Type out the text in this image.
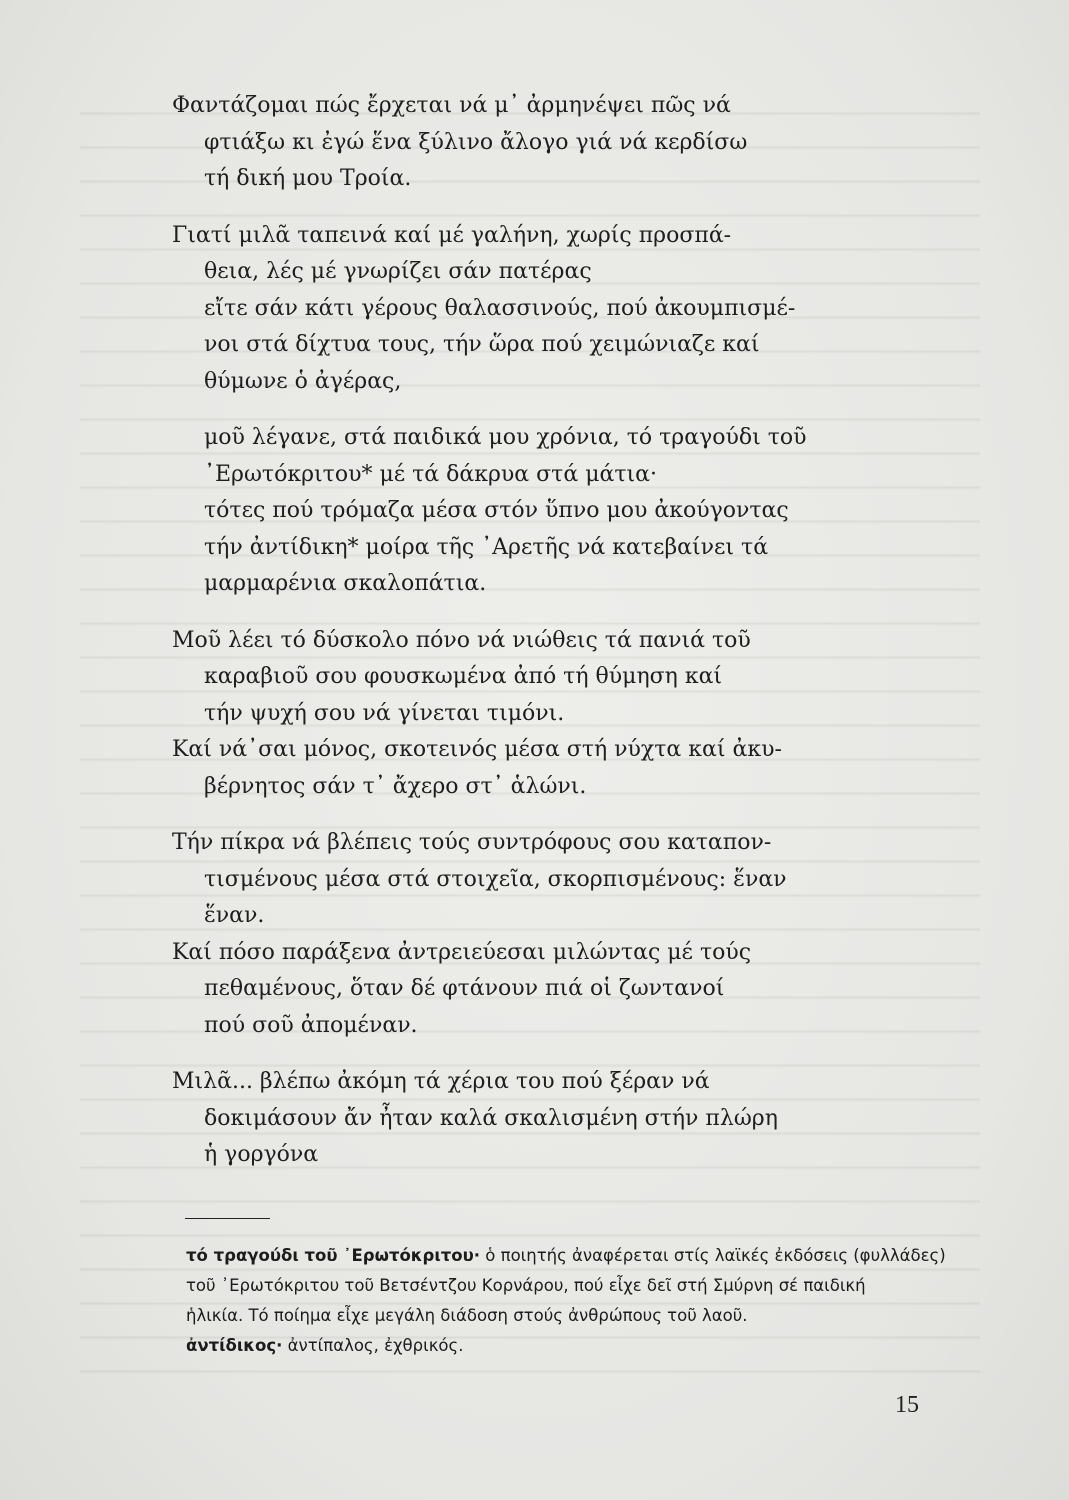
Φαντάζομαι πώς ἔρχεται νά μ᾽ ἀρμηνέψει πῶς νά
φτιάξω κι ἐγώ ἕνα ξύλινο ἄλογο γιά νά κερδίσω
τή δική μου Τροία.
Γιατί μιλᾶ ταπεινά καί μέ γαλήνη, χωρίς προσπά-
θεια, λές μέ γνωρίζει σάν πατέρας
εἴτε σάν κάτι γέρους θαλασσινούς, πού ἀκουμπισμέ-
νοι στά δίχτυα τους, τήν ὥρα πού χειμώνιαζε καί
θύμωνε ὁ ἀγέρας,
μοῦ λέγανε, στά παιδικά μου χρόνια, τό τραγούδι τοῦ
᾽Ερωτόκριτου* μέ τά δάκρυα στά μάτια·
τότες πού τρόμαζα μέσα στόν ὕπνο μου ἀκούγοντας
τήν ἀντίδικη* μοίρα τῆς ᾽Αρετῆς νά κατεβαίνει τά
μαρμαρένια σκαλοπάτια.
Μοῦ λέει τό δύσκολο πόνο νά νιώθεις τά πανιά τοῦ
καραβιοῦ σου φουσκωμένα ἀπό τή θύμηση καί
τήν ψυχή σου νά γίνεται τιμόνι.
Καί νά᾽σαι μόνος, σκοτεινός μέσα στή νύχτα καί ἀκυ-
βέρνητος σάν τ᾽ ἄχερο στ᾽ ἁλώνι.
Τήν πίκρα νά βλέπεις τούς συντρόφους σου καταπον-
τισμένους μέσα στά στοιχεῖα, σκορπισμένους: ἕναν
ἕναν.
Καί πόσο παράξενα ἀντρειεύεσαι μιλώντας μέ τούς
πεθαμένους, ὅταν δέ φτάνουν πιά οἱ ζωντανοί
πού σοῦ ἀπομέναν.
Μιλᾶ... βλέπω ἀκόμη τά χέρια του πού ξέραν νά
δοκιμάσουν ἄν ἦταν καλά σκαλισμένη στήν πλώρη
ἡ γοργόνα
τό τραγούδι τοῦ ᾽Ερωτόκριτου· ὁ ποιητής ἀναφέρεται στίς λαϊκές ἐκδόσεις (φυλλάδες)
τοῦ ᾽Ερωτόκριτου τοῦ Βετσέντζου Κορνάρου, πού εἶχε δεῖ στή Σμύρνη σέ παιδική
ἡλικία. Τό ποίημα εἶχε μεγάλη διάδοση στούς ἀνθρώπους τοῦ λαοῦ.
ἀντίδικος· ἀντίπαλος, ἐχθρικός.
15
